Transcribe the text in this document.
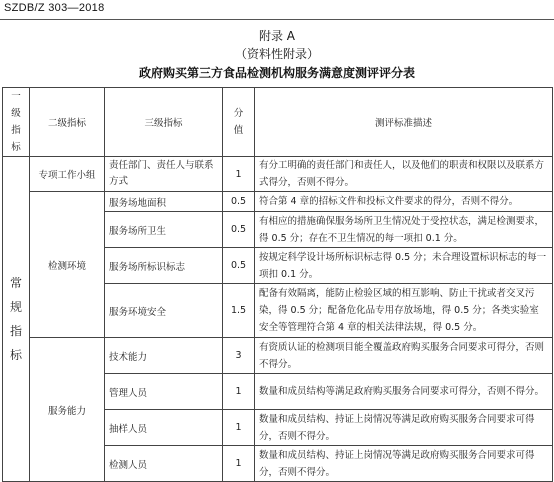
SZDB/Z 303—2018
附录 A
（资料性附录）
政府购买第三方食品检测机构服务满意度测评评分表
一级指标	二级指标	三级指标	分值	测评标准描述

常规指标	专项工作小组	责任部门、责任人与联系方式	1	有分工明确的责任部门和责任人，以及他们的职责和权限以及联系方式得分，否则不得分。
	检测环境	服务场地面积	0.5	符合第 4 章的招标文件和投标文件要求的得分，否则不得分。
		服务场所卫生	0.5	有相应的措施确保服务场所卫生情况处于受控状态，满足检测要求，得 0.5 分；存在不卫生情况的每一项扣 0.1 分。
		服务场所标识标志	0.5	按规定科学设计场所标识标志得 0.5 分；未合理设置标识标志的每一项扣 0.1 分。
		服务环境安全	1.5	配备有效隔离，能防止检验区域的相互影响、防止干扰或者交叉污染，得 0.5 分；配备危化品专用存放场地，得 0.5 分；各类实验室安全等管理符合第 4 章的相关法律法规，得 0.5 分。
	服务能力	技术能力	3	有资质认证的检测项目能全覆盖政府购买服务合同要求可得分，否则不得分。
		管理人员	1	数量和成员结构等满足政府购买服务合同要求可得分，否则不得分。
		抽样人员	1	数量和成员结构、持证上岗情况等满足政府购买服务合同要求可得分，否则不得分。
		检测人员	1	数量和成员结构、持证上岗情况等满足政府购买服务合同要求可得分，否则不得分。
